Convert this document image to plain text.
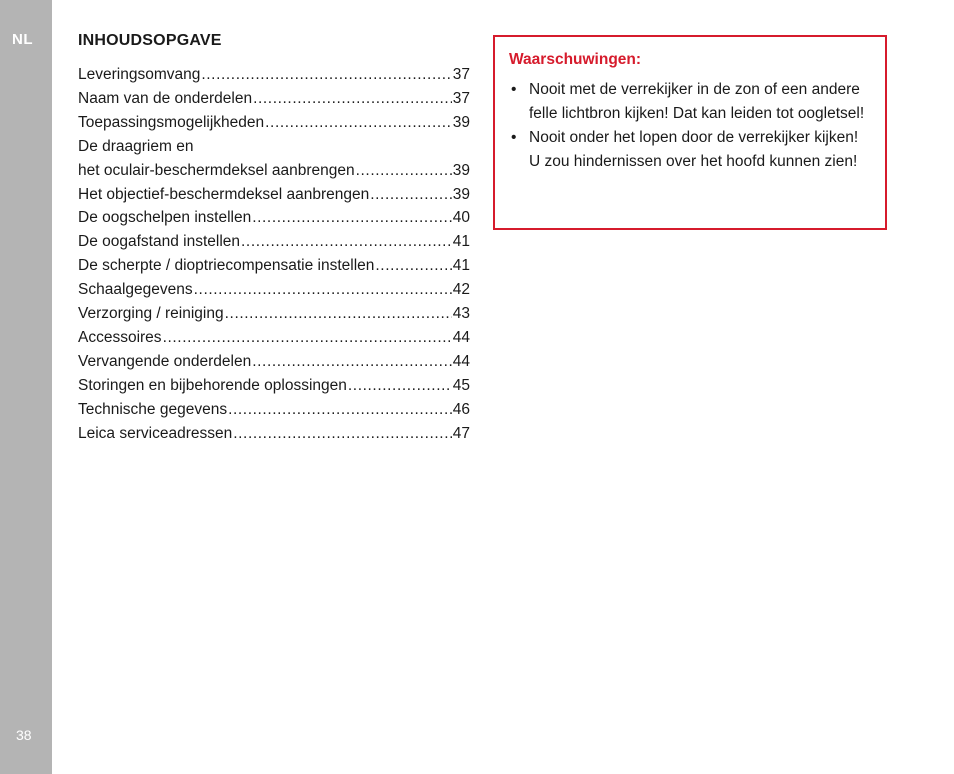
NL
38
INHOUDSOPGAVE
Leveringsomvang .....	37
Naam van de onderdelen .....	37
Toepassingsmogelijkheden .....	39
De draagriem en
het oculair-beschermdeksel aanbrengen .....	39
Het objectief-beschermdeksel aanbrengen .....	39
De oogschelpen instellen .....	40
De oogafstand instellen .....	41
De scherpte / dioptriecompensatie instellen .....	41
Schaalgegevens .....	42
Verzorging / reiniging .....	43
Accessoires .....	44
Vervangende onderdelen .....	44
Storingen en bijbehorende oplossingen .....	45
Technische gegevens .....	46
Leica serviceadressen .....	47
Waarschuwingen:
• Nooit met de verrekijker in de zon of een andere felle lichtbron kijken! Dat kan leiden tot oogletsel!
• Nooit onder het lopen door de verrekijker kijken! U zou hindernissen over het hoofd kunnen zien!
